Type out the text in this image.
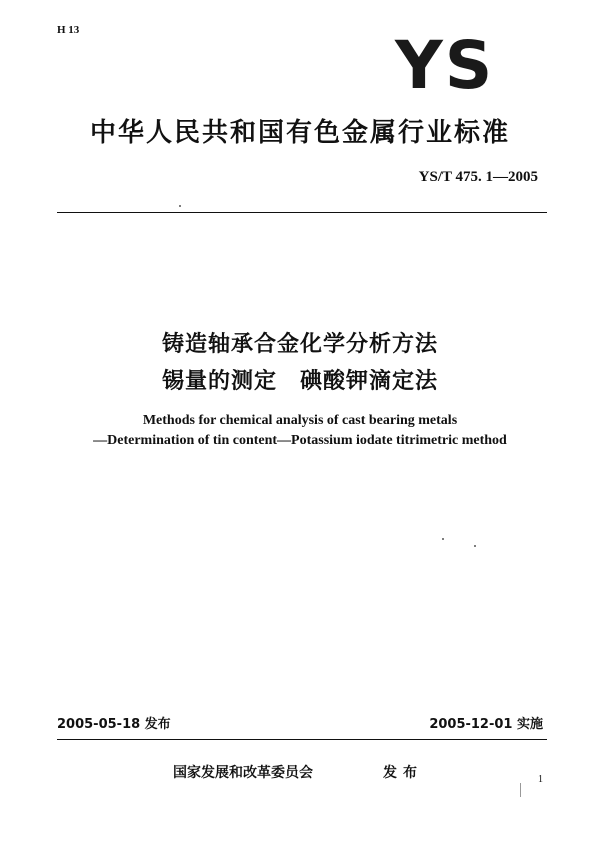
H 13	YS
中华人民共和国有色金属行业标准
YS/T 475. 1—2005
铸造轴承合金化学分析方法
锡量的测定　碘酸钾滴定法
Methods for chemical analysis of cast bearing metals
—Determination of tin content—Potassium iodate titrimetric method
2005-05-18 发布	2005-12-01 实施
国家发展和改革委员会	发布	1
